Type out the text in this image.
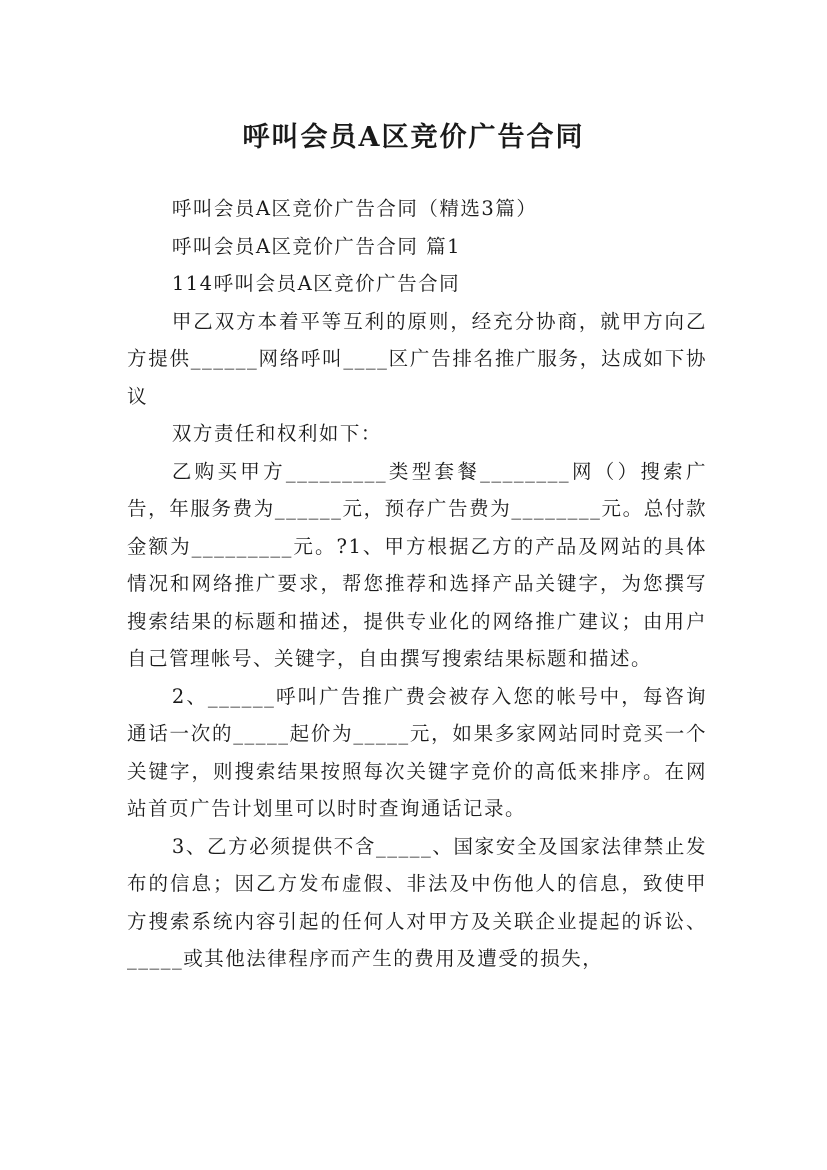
呼叫会员A区竞价广告合同

呼叫会员A区竞价广告合同（精选3篇）

呼叫会员A区竞价广告合同 篇1

114呼叫会员A区竞价广告合同

甲乙双方本着平等互利的原则，经充分协商，就甲方向乙方提供______网络呼叫____区广告排名推广服务，达成如下协议

双方责任和权利如下：

乙购买甲方_________类型套餐________网（）搜索广告，年服务费为______元，预存广告费为________元。总付款金额为_________元。?1、甲方根据乙方的产品及网站的具体情况和网络推广要求，帮您推荐和选择产品关键字，为您撰写搜索结果的标题和描述，提供专业化的网络推广建议；由用户自己管理帐号、关键字，自由撰写搜索结果标题和描述。

2、______呼叫广告推广费会被存入您的帐号中，每咨询通话一次的_____起价为_____元，如果多家网站同时竞买一个关键字，则搜索结果按照每次关键字竞价的高低来排序。在网站首页广告计划里可以时时查询通话记录。

3、乙方必须提供不含_____、国家安全及国家法律禁止发布的信息；因乙方发布虚假、非法及中伤他人的信息，致使甲方搜索系统内容引起的任何人对甲方及关联企业提起的诉讼、_____或其他法律程序而产生的费用及遭受的损失，
